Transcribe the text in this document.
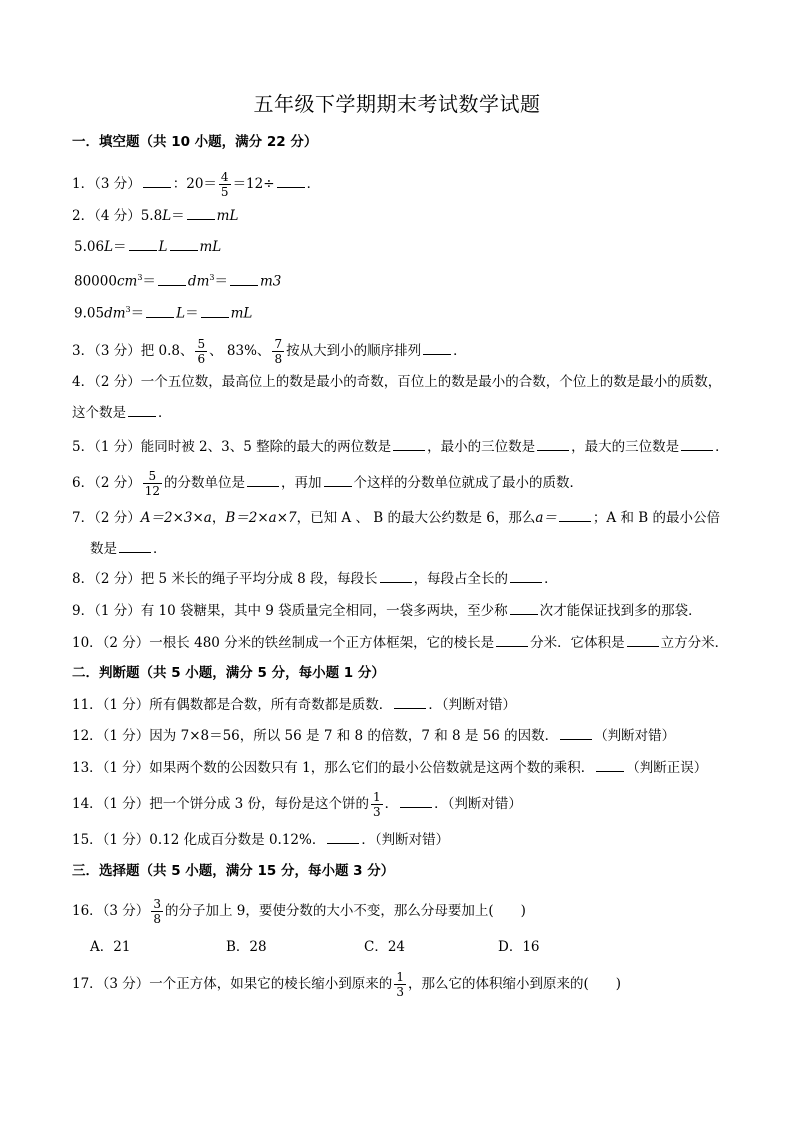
五年级下学期期末考试数学试题
一．填空题（共 10 小题，满分 22 分）
1．（3 分） ：$20= \frac{4}{5} =12\div$ ．
2．（4 分）5.8L＝ mL
5.06L＝ L mL
$80000cm^3= dm^3= m3$
$9.05dm^3= L=$ mL
3．（3 分）把 0.8、 $\frac{5}{6}$ 、 83%、 $\frac{7}{8}$ 按从大到小的顺序排列 ．
4．（2 分）一个五位数，最高位上的数是最小的奇数，百位上的数是最小的合数，个位上的数是最小的质数，
这个数是 ．
5．（1 分）能同时被 2、3、5 整除的最大的两位数是	，最小的三位数是	，最大的三位数是	．
6．（2 分） $\frac{5}{12}$ 的分数单位是	，再加 个这样的分数单位就成了最小的质数．
7．（2 分）A＝2×3×a，B＝2×a×7，已知 A 、 B 的最大公约数是 6，那么a＝	；A 和 B 的最小公倍
数是	．
8．（2 分）把 5 米长的绳子平均分成 8 段，每段长	，每段占全长的	．
9．（1 分）有 10 袋糖果，其中 9 袋质量完全相同，一袋多两块，至少称 次才能保证找到多的那袋．
10．（2 分）一根长 480 分米的铁丝制成一个正方体框架，它的棱长是	分米．它体积是	立方分米．
二．判断题（共 5 小题，满分 5 分，每小题 1 分）
11．（1 分）所有偶数都是合数，所有奇数都是质数．	．（判断对错）
12．（1 分）因为 7×8＝56，所以 56 是 7 和 8 的倍数，7 和 8 是 56 的因数．	（判断对错）
13．（1 分）如果两个数的公因数只有 1，那么它们的最小公倍数就是这两个数的乘积． （判断正误）
14．（1 分）把一个饼分成 3 份，每份是这个饼的 $\frac{1}{3}$ ．	．（判断对错）
15．（1 分）0.12 化成百分数是 0.12%．	．（判断对错）
三．选择题（共 5 小题，满分 15 分，每小题 3 分）
16．（3 分） $\frac{3}{8}$ 的分子加上 9，要使分数的大小不变，那么分母要加上(　　)
A．21	B．28	C．24	D．16
17．（3 分）一个正方体，如果它的棱长缩小到原来的 $\frac{1}{3}$ ，那么它的体积缩小到原来的(　　)
